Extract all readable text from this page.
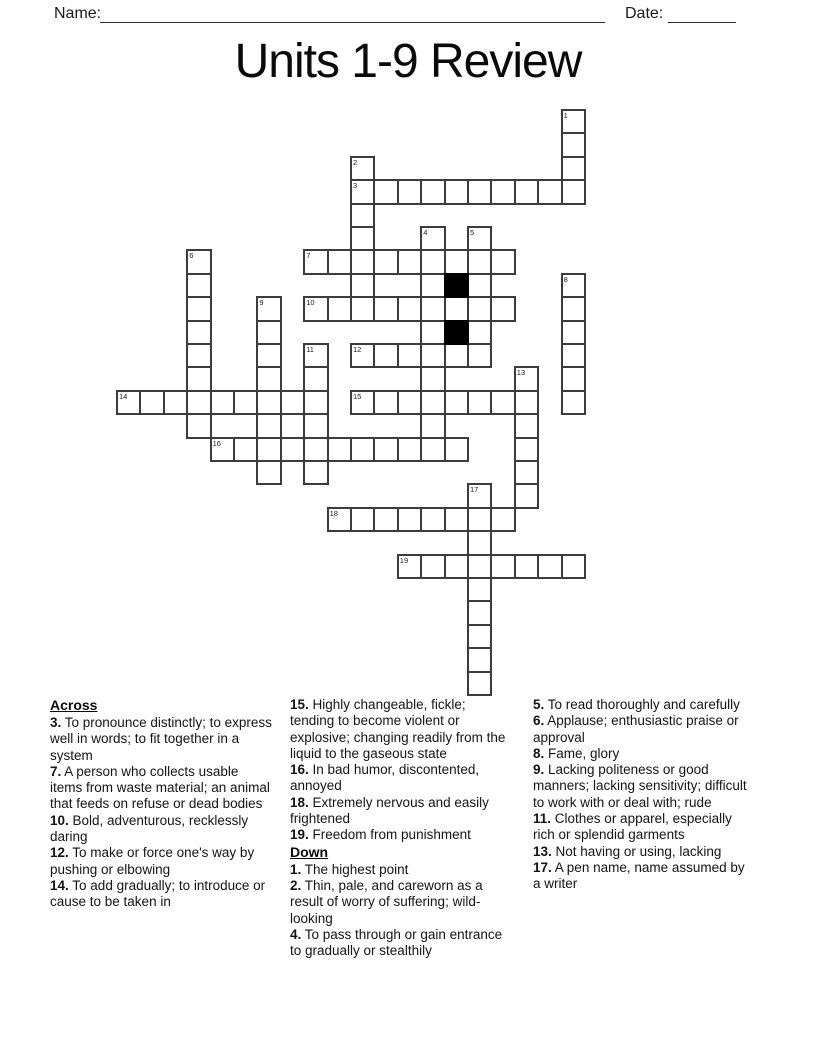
Name:	Date:
Units 1-9 Review
1
2
3
4	5
6	7
8
9	10
11	12
13
14	15
16
17
18
19
Across

3. To pronounce distinctly; to express well in words; to fit together in a system

7. A person who collects usable items from waste material; an animal that feeds on refuse or dead bodies

10. Bold, adventurous, recklessly daring

12. To make or force one's way by pushing or elbowing

14. To add gradually; to introduce or cause to be taken in

15. Highly changeable, fickle; tending to become violent or explosive; changing readily from the liquid to the gaseous state

16. In bad humor, discontented, annoyed

18. Extremely nervous and easily frightened

19. Freedom from punishment

Down

1. The highest point

2. Thin, pale, and careworn as a result of worry of suffering; wild-looking

4. To pass through or gain entrance to gradually or stealthily

5. To read thoroughly and carefully

6. Applause; enthusiastic praise or approval

8. Fame, glory

9. Lacking politeness or good manners; lacking sensitivity; difficult to work with or deal with; rude

11. Clothes or apparel, especially rich or splendid garments

13. Not having or using, lacking

17. A pen name, name assumed by a writer
